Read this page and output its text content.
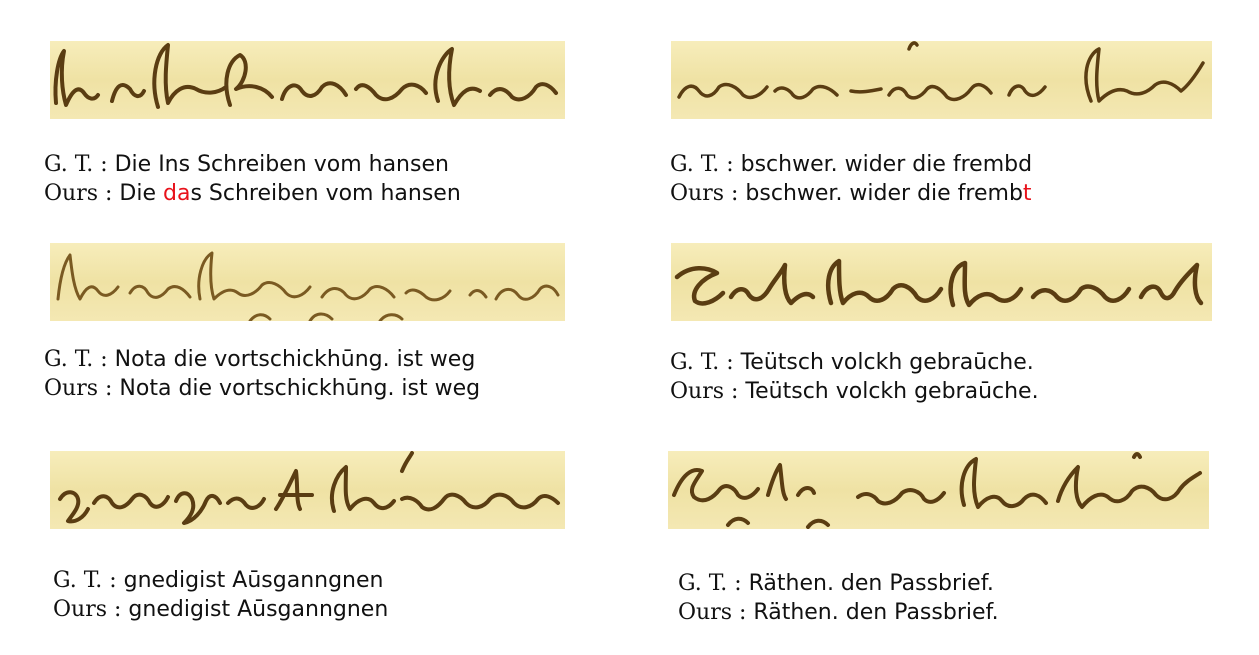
G. T. : Die Ins Schreiben vom hansen
Ours : Die das Schreiben vom hansen
G. T. : bschwer. wider die frembd
Ours : bschwer. wider die frembt
G. T. : Nota die vortschickhūng. ist weg
Ours : Nota die vortschickhūng. ist weg
G. T. : Teütsch volckh gebraūche.
Ours : Teütsch volckh gebraūche.
G. T. : gnedigist Aūsganngnen
Ours : gnedigist Aūsganngnen
G. T. : Räthen. den Passbrief.
Ours : Räthen. den Passbrief.
